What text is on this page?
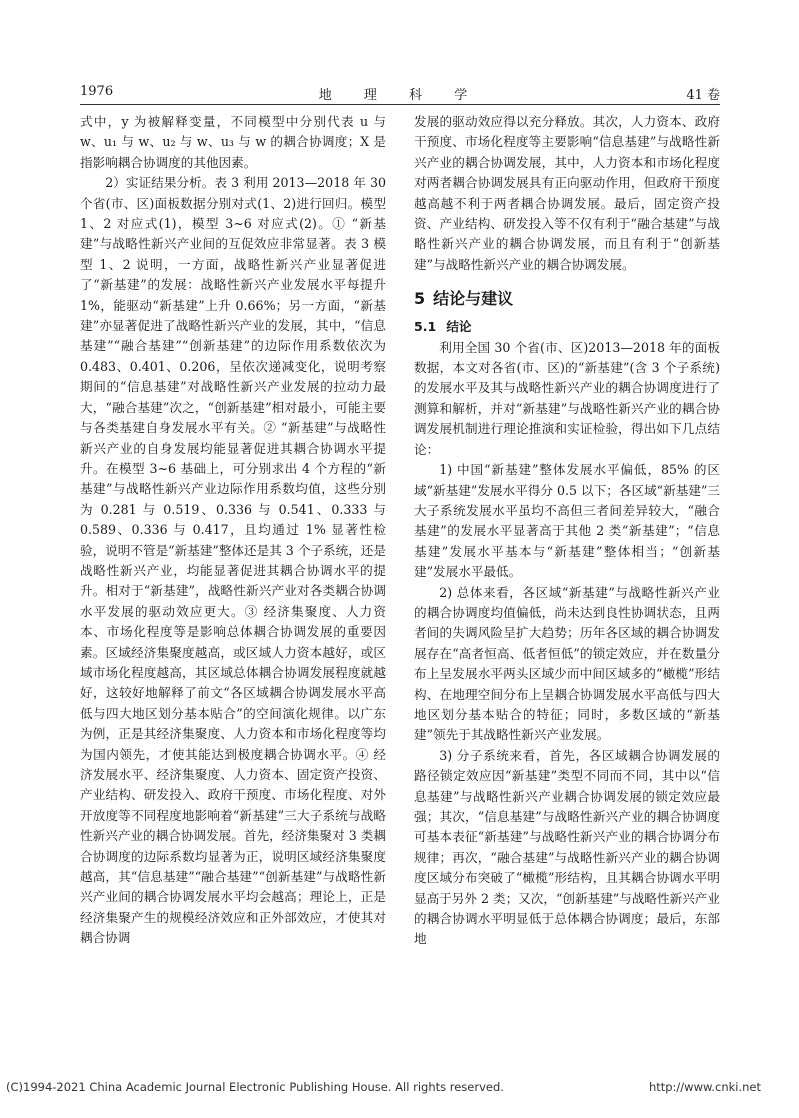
1976	地 理 科 学	41 卷

式中，y 为被解释变量，不同模型中分别代表 u 与 w、u₁ 与 w、u₂ 与 w、u₃ 与 w 的耦合协调度；X 是指影响耦合协调度的其他因素。

2）实证结果分析。表 3 利用 2013—2018 年 30 个省(市、区)面板数据分别对式(1、2)进行回归。模型 1、2 对应式(1)，模型 3~6 对应式(2)。① “新基建”与战略性新兴产业间的互促效应非常显著。表 3 模型 1、2 说明，一方面，战略性新兴产业显著促进了“新基建”的发展：战略性新兴产业发展水平每提升 1%，能驱动“新基建”上升 0.66%；另一方面，“新基建”亦显著促进了战略性新兴产业的发展，其中，“信息基建”“融合基建”“创新基建”的边际作用系数依次为 0.483、0.401、0.206，呈依次递减变化，说明考察期间的“信息基建”对战略性新兴产业发展的拉动力最大，“融合基建”次之，“创新基建”相对最小，可能主要与各类基建自身发展水平有关。② “新基建”与战略性新兴产业的自身发展均能显著促进其耦合协调水平提升。在模型 3~6 基础上，可分别求出 4 个方程的“新基建”与战略性新兴产业边际作用系数均值，这些分别为 0.281 与 0.519、0.336 与 0.541、0.333 与 0.589、0.336 与 0.417，且均通过 1% 显著性检验，说明不管是“新基建”整体还是其 3 个子系统，还是战略性新兴产业，均能显著促进其耦合协调水平的提升。相对于“新基建”，战略性新兴产业对各类耦合协调水平发展的驱动效应更大。③ 经济集聚度、人力资本、市场化程度等是影响总体耦合协调发展的重要因素。区域经济集聚度越高，或区域人力资本越好，或区域市场化程度越高，其区域总体耦合协调发展程度就越好，这较好地解释了前文“各区域耦合协调发展水平高低与四大地区划分基本贴合”的空间演化规律。以广东为例，正是其经济集聚度、人力资本和市场化程度等均为国内领先，才使其能达到极度耦合协调水平。④ 经济发展水平、经济集聚度、人力资本、固定资产投资、产业结构、研发投入、政府干预度、市场化程度、对外开放度等不同程度地影响着“新基建”三大子系统与战略性新兴产业的耦合协调发展。首先，经济集聚对 3 类耦合协调度的边际系数均显著为正，说明区域经济集聚度越高，其“信息基建”“融合基建”“创新基建”与战略性新兴产业间的耦合协调发展水平均会越高；理论上，正是经济集聚产生的规模经济效应和正外部效应，才使其对耦合协调

发展的驱动效应得以充分释放。其次，人力资本、政府干预度、市场化程度等主要影响“信息基建”与战略性新兴产业的耦合协调发展，其中，人力资本和市场化程度对两者耦合协调发展具有正向驱动作用，但政府干预度越高越不利于两者耦合协调发展。最后，固定资产投资、产业结构、研发投入等不仅有利于“融合基建”与战略性新兴产业的耦合协调发展，而且有利于“创新基建”与战略性新兴产业的耦合协调发展。

5 结论与建议
5.1 结论

利用全国 30 个省(市、区)2013—2018 年的面板数据，本文对各省(市、区)的“新基建”(含 3 个子系统)的发展水平及其与战略性新兴产业的耦合协调度进行了测算和解析，并对“新基建”与战略性新兴产业的耦合协调发展机制进行理论推演和实证检验，得出如下几点结论：

1) 中国“新基建”整体发展水平偏低，85% 的区域“新基建”发展水平得分 0.5 以下；各区域“新基建”三大子系统发展水平虽均不高但三者间差异较大，“融合基建”的发展水平显著高于其他 2 类“新基建”；“信息基建”发展水平基本与“新基建”整体相当；“创新基建”发展水平最低。

2) 总体来看，各区域“新基建”与战略性新兴产业的耦合协调度均值偏低，尚未达到良性协调状态，且两者间的失调风险呈扩大趋势；历年各区域的耦合协调发展存在“高者恒高、低者恒低”的锁定效应，并在数量分布上呈发展水平两头区域少而中间区域多的“橄榄”形结构、在地理空间分布上呈耦合协调发展水平高低与四大地区划分基本贴合的特征；同时，多数区域的“新基建”领先于其战略性新兴产业发展。

3) 分子系统来看，首先，各区域耦合协调发展的路径锁定效应因“新基建”类型不同而不同，其中以“信息基建”与战略性新兴产业耦合协调发展的锁定效应最强；其次，“信息基建”与战略性新兴产业的耦合协调度可基本表征“新基建”与战略性新兴产业的耦合协调分布规律；再次，“融合基建”与战略性新兴产业的耦合协调度区域分布突破了“橄榄”形结构，且其耦合协调水平明显高于另外 2 类；又次，“创新基建”与战略性新兴产业的耦合协调水平明显低于总体耦合协调度；最后，东部地

(C)1994-2021 China Academic Journal Electronic Publishing House. All rights reserved.	http://www.cnki.net
